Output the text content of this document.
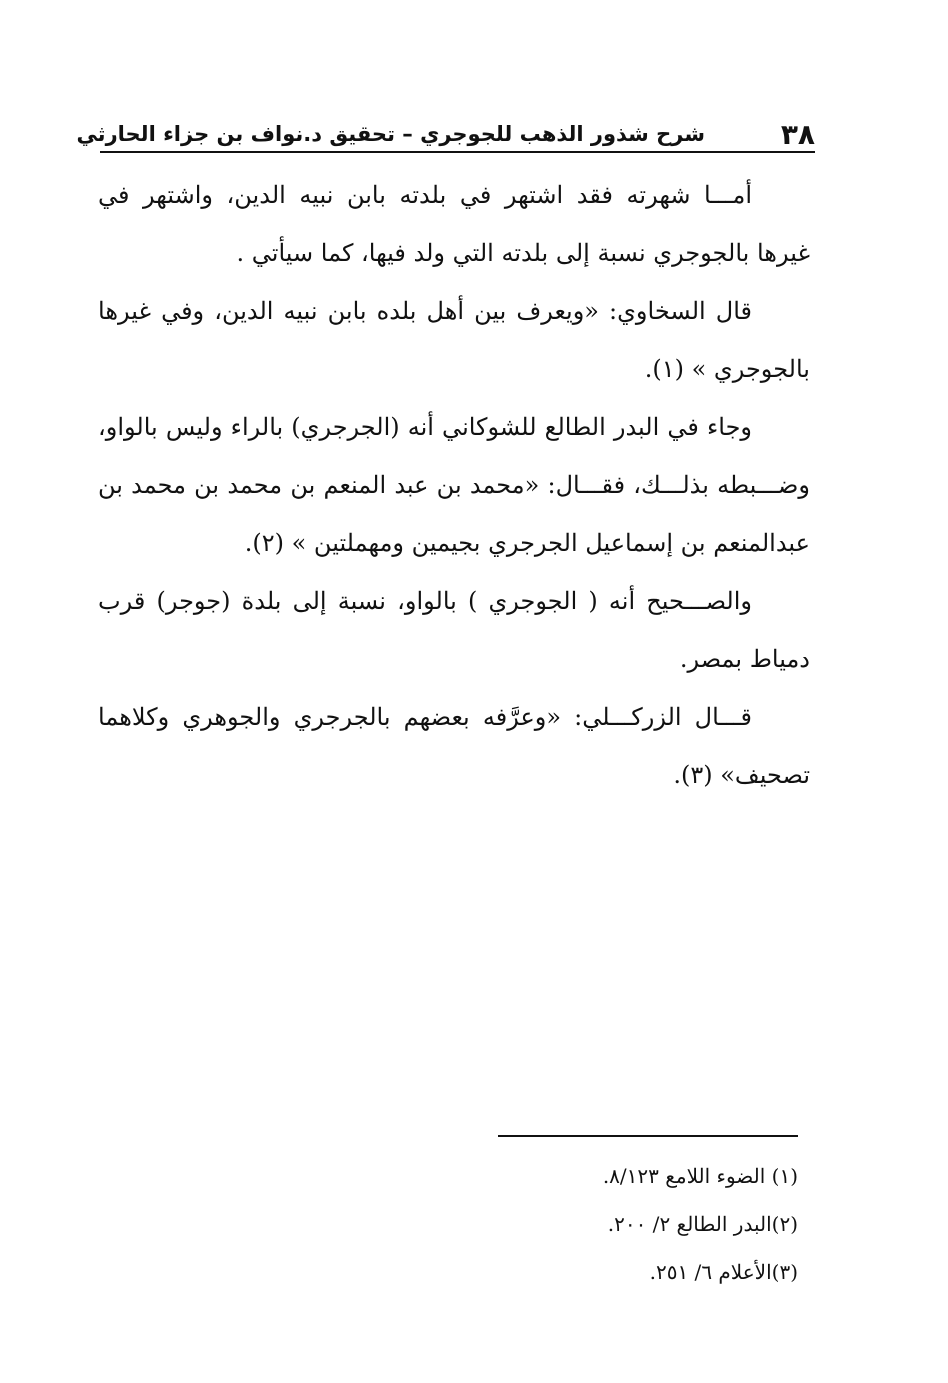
٣٨
شرح شذور الذهب للجوجري – تحقيق د.نواف بن جزاء الحارثي

أمـــا شهرته فقد اشتهر في بلدته بابن نبيه الدين، واشتهر في غيرها بالجوجري نسبة إلى بلدته التي ولد فيها، كما سيأتي .

قال السخاوي: «ويعرف بين أهل بلده بابن نبيه الدين، وفي غيرها بالجوجري » (١).

وجاء في البدر الطالع للشوكاني أنه (الجرجري) بالراء وليس بالواو، وضـــبطه بذلـــك، فقـــال: «محمد بن عبد المنعم بن محمد بن محمد بن عبدالمنعم بن إسماعيل الجرجري بجيمين ومهملتين » (٢).

والصـــحيح أنه ( الجوجري ) بالواو، نسبة إلى بلدة (جوجر) قرب دمياط بمصر.

قـــال الزركـــلي: «وعرَّفه بعضهم بالجرجري والجوهري وكلاهما تصحيف» (٣).

(١) الضوء اللامع ٨/١٢٣.

(٢)البدر الطالع ٢/ ٢٠٠.

(٣)الأعلام ٦/ ٢٥١.
